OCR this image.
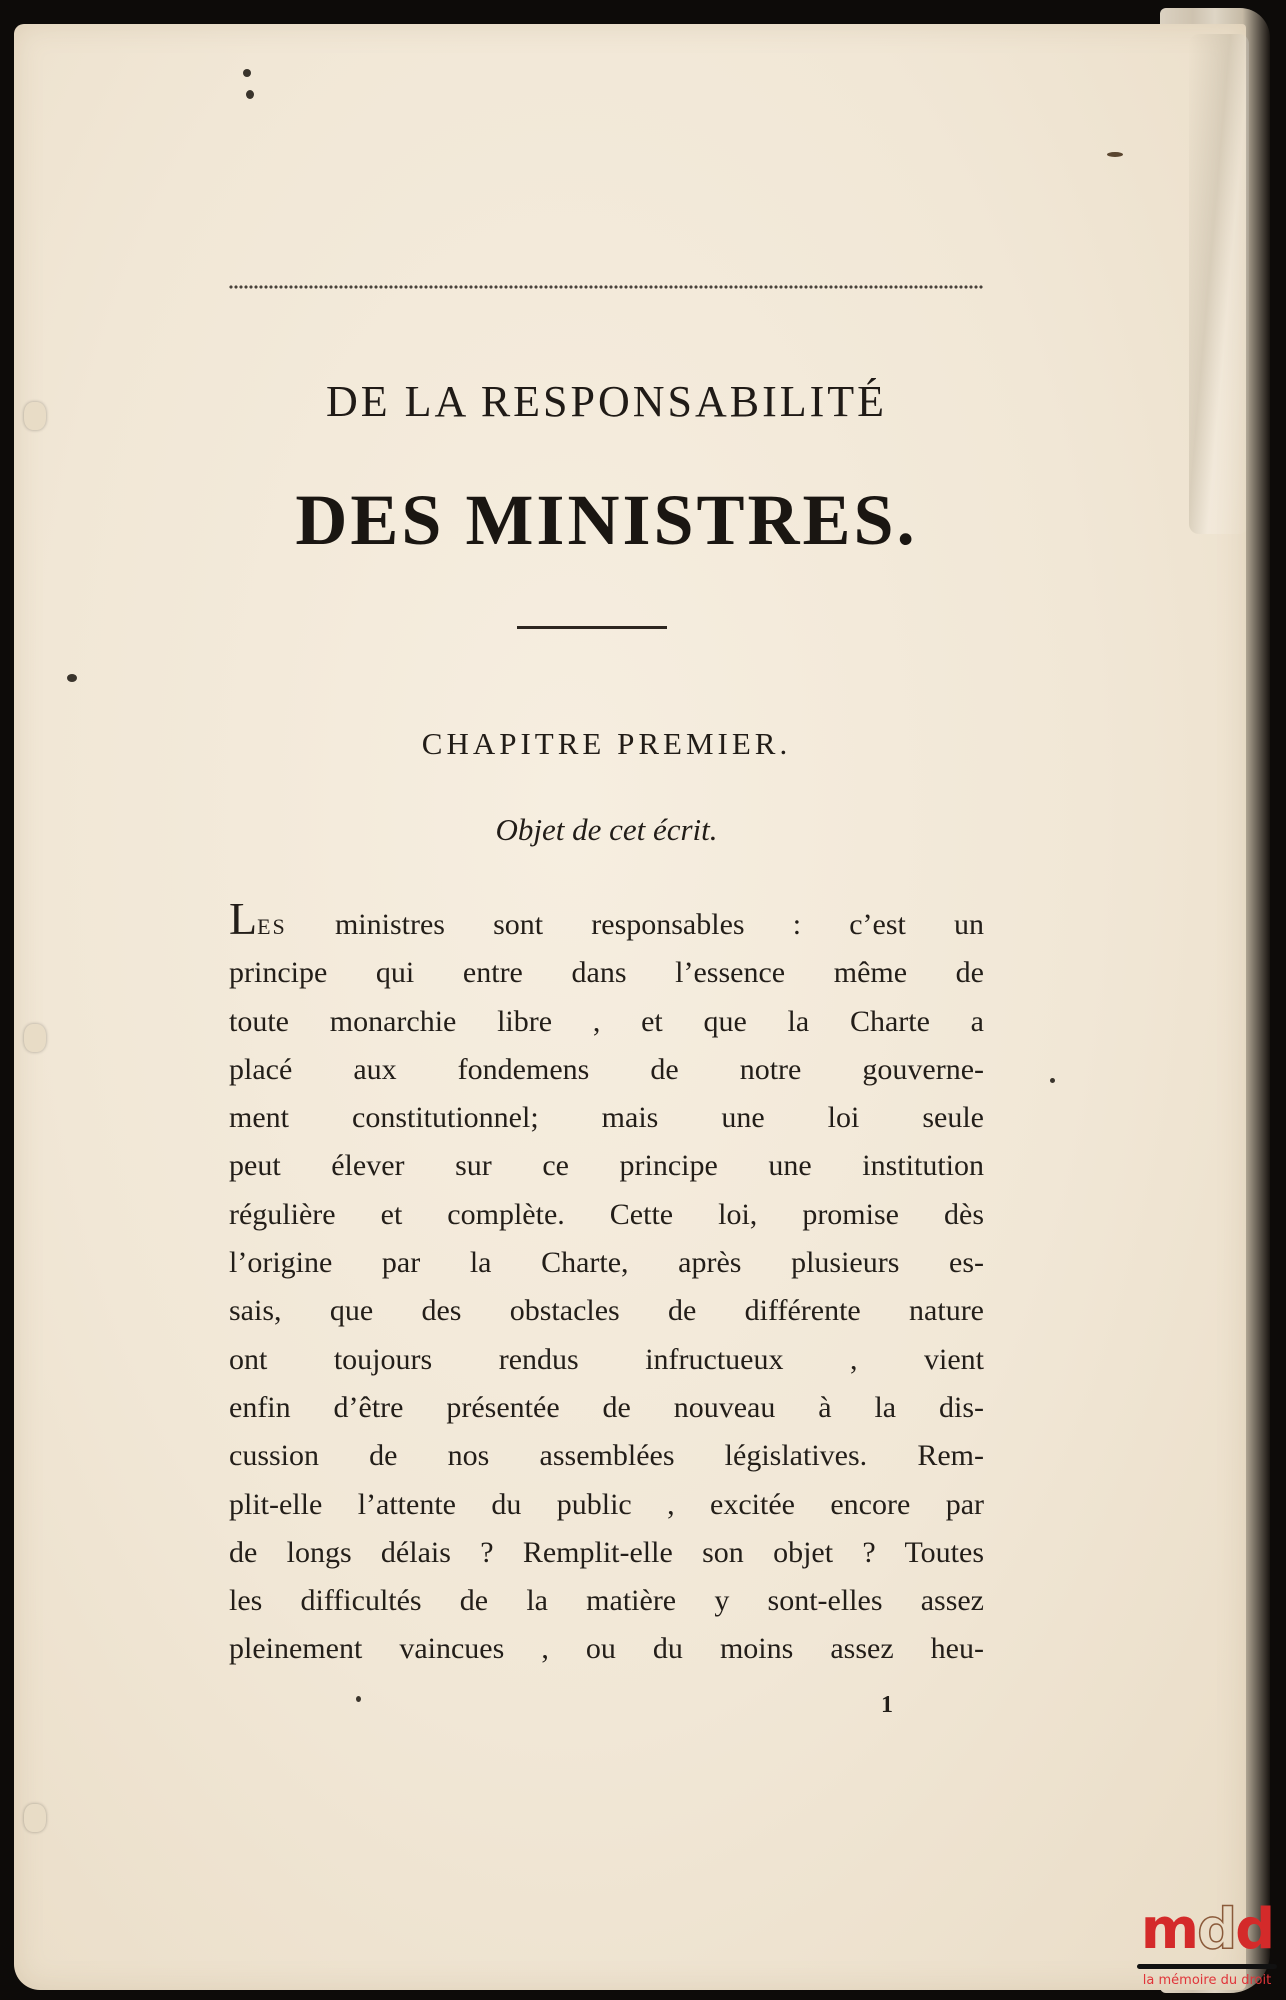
DE LA RESPONSABILITÉ
DES MINISTRES.
CHAPITRE PREMIER.
Objet de cet écrit.
LES ministres sont responsables : c’est un
principe qui entre dans l’essence même de
toute monarchie libre , et que la Charte a
placé aux fondemens de notre gouverne-
ment constitutionnel; mais une loi seule
peut élever sur ce principe une institution
régulière et complète. Cette loi, promise dès
l’origine par la Charte, après plusieurs es-
sais, que des obstacles de différente nature
ont toujours rendus infructueux , vient
enfin d’être présentée de nouveau à la dis-
cussion de nos assemblées législatives. Rem-
plit-elle l’attente du public , excitée encore par
de longs délais ? Remplit-elle son objet ? Toutes
les difficultés de la matière y sont-elles assez
pleinement vaincues , ou du moins assez heu-
1
mdd
la mémoire du droit
